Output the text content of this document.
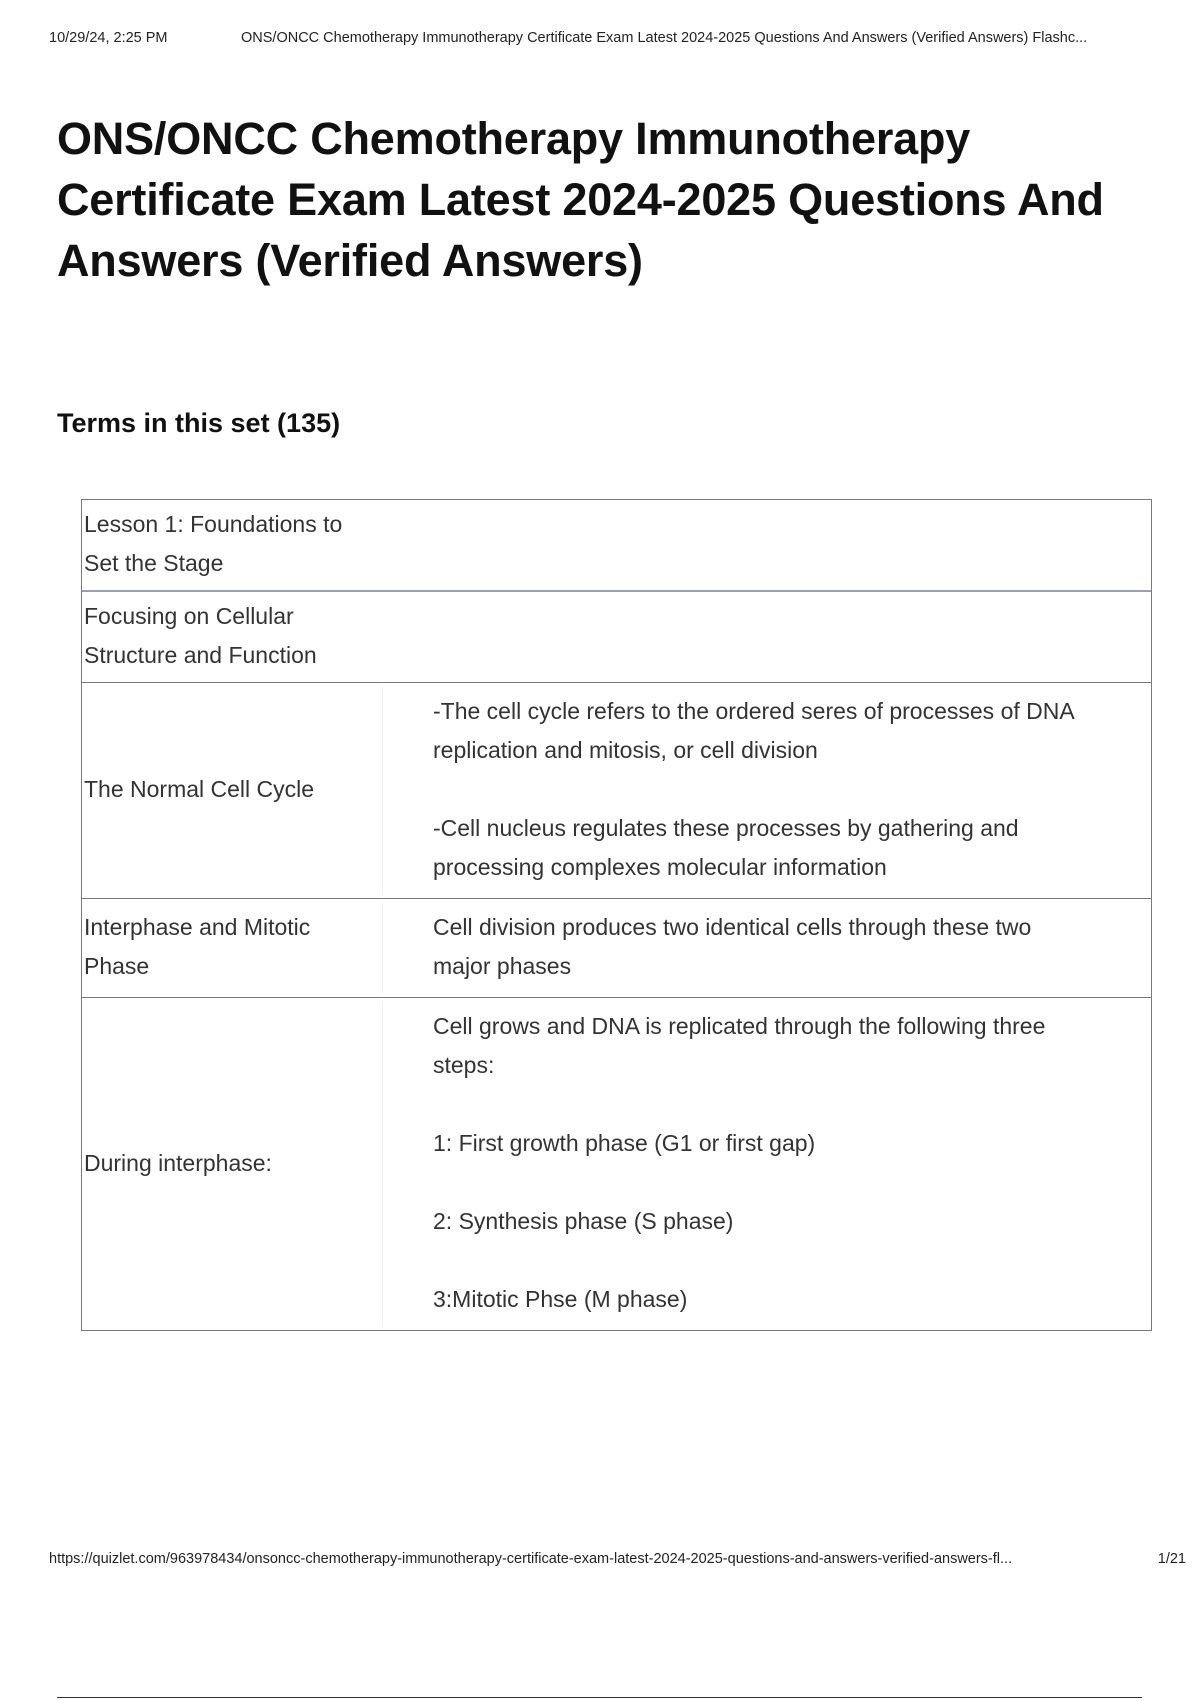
10/29/24, 2:25 PM	ONS/ONCC Chemotherapy Immunotherapy Certificate Exam Latest 2024-2025 Questions And Answers (Verified Answers) Flashc...
ONS/ONCC Chemotherapy Immunotherapy Certificate Exam Latest 2024-2025 Questions And Answers (Verified Answers)
Terms in this set (135)
Lesson 1: Foundations to Set the Stage
Focusing on Cellular Structure and Function
The Normal Cell Cycle

-The cell cycle refers to the ordered seres of processes of DNA replication and mitosis, or cell division

-Cell nucleus regulates these processes by gathering and processing complexes molecular information

Interphase and Mitotic Phase

Cell division produces two identical cells through these two major phases

During interphase:

Cell grows and DNA is replicated through the following three steps:

1: First growth phase (G1 or first gap)

2: Synthesis phase (S phase)

3:Mitotic Phse (M phase)

https://quizlet.com/963978434/onsoncc-chemotherapy-immunotherapy-certificate-exam-latest-2024-2025-questions-and-answers-verified-answers-fl...	1/21
